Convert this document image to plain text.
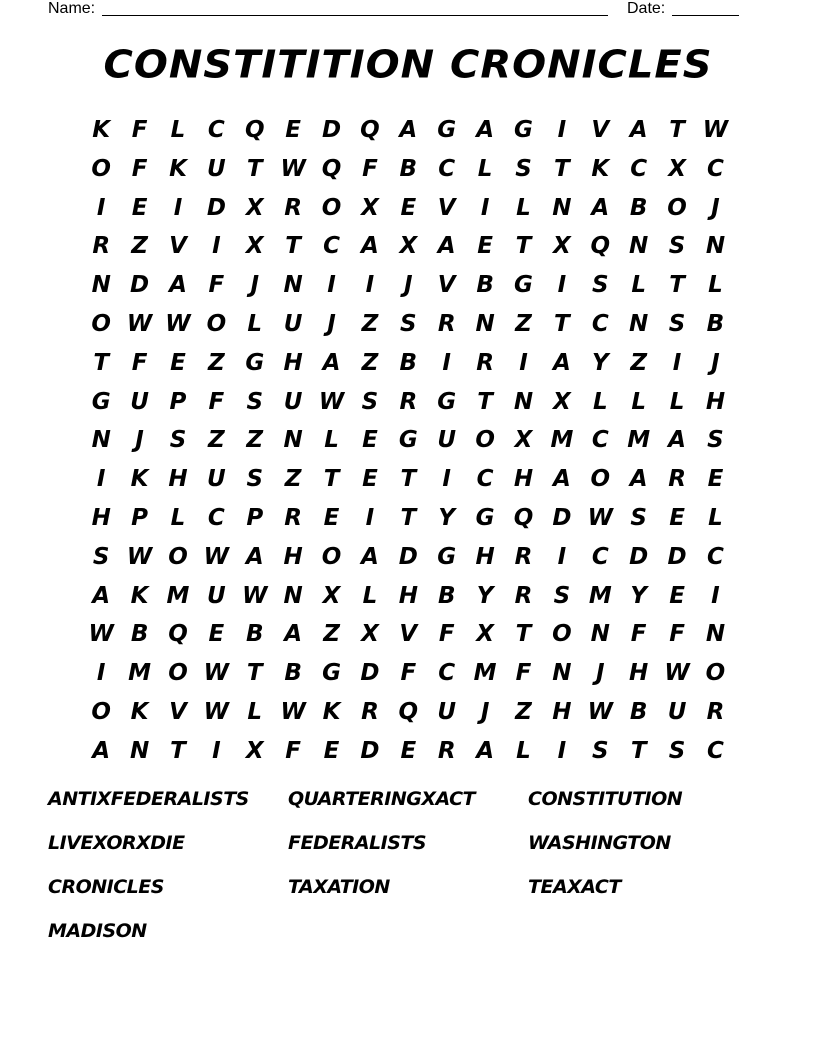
Name:	Date:
CONSTITITION CRONICLES
K F	L C Q E D Q A G A G	I	V A T W
O F K U T W Q F B C L S T K C X C
I	E	I	D X R O X E V	I	L N A B O	J
R Z V	I	X T C A X A E T X Q N S N
N D A F	J	N	I	I	J	V B G	I	S L	T	L
O W W O L U	J	Z S R N Z T C N S B
T F E Z G H A Z B	I	R	I	A Y Z	I	J
G U P F S U W S R G T N X L	L	L H
N	J	S Z Z N L	E G U O X M C M A S
I	K H U S Z T E T	I	C H A O A R E
H P L C P R E	I	T Y G Q D W S E	L
S W O W A H O A D G H R	I	C D D C
A K M U W N X L H B Y R S M Y E	I
W B Q E B A Z X V F X T O N F F N
I M O W T B G D F C M F N	J	H W O
O K V W L W K R Q U	J	Z H W B U R
A N T	I	X F E D E R A L	I	S T S C
ANTIXFEDERALISTS	QUARTERINGXACT	CONSTITUTION
LIVEXORXDIE	FEDERALISTS	WASHINGTON
CRONICLES	TAXATION	TEAXACT
MADISON
